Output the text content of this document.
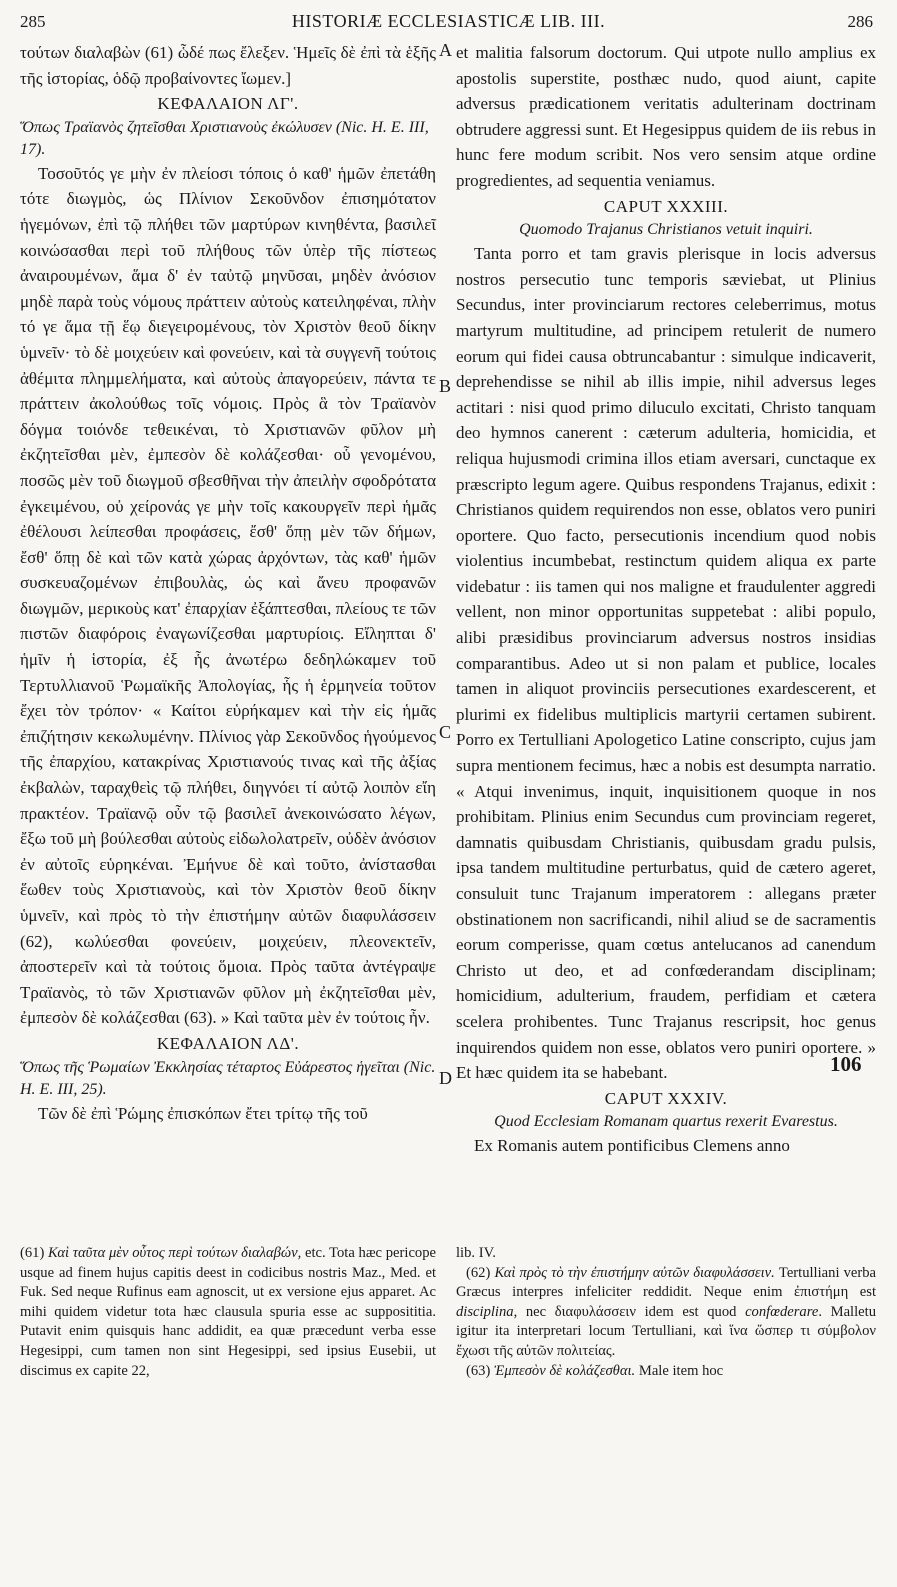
285	HISTORIÆ ECCLESIASTICÆ LIB. III.	286

τούτων διαλαβὼν (61) ὧδέ πως ἔλεξεν. Ἡμεῖς δὲ ἐπὶ τὰ ἑξῆς τῆς ἱστορίας, ὁδῷ προβαίνοντες ἴωμεν.]

ΚΕΦΑΛΑΙΟΝ ΛΓ'.

Ὅπως Τραϊανὸς ζητεῖσθαι Χριστιανοὺς ἐκώλυσεν (Nic. H. E. III, 17).

Τοσοῦτός γε μὴν ἐν πλείοσι τόποις ὁ καθ' ἡμῶν ἐπετάθη τότε διωγμὸς, ὡς Πλίνιον Σεκοῦνδον ἐπισημότατον ἡγεμόνων, ἐπὶ τῷ πλήθει τῶν μαρτύρων κινηθέντα, βασιλεῖ κοινώσασθαι περὶ τοῦ πλήθους τῶν ὑπὲρ τῆς πίστεως ἀναιρουμένων, ἅμα δ' ἐν ταὐτῷ μηνῦσαι, μηδὲν ἀνόσιον μηδὲ παρὰ τοὺς νόμους πράττειν αὐτοὺς κατειληφέναι, πλὴν τό γε ἅμα τῇ ἕῳ διεγειρομένους, τὸν Χριστὸν θεοῦ δίκην ὑμνεῖν· τὸ δὲ μοιχεύειν καὶ φονεύειν, καὶ τὰ συγγενῆ τούτοις ἀθέμιτα πλημμελήματα, καὶ αὐτοὺς ἀπαγορεύειν, πάντα τε πράττειν ἀκολούθως τοῖς νόμοις. Πρὸς ἃ τὸν Τραϊανὸν δόγμα τοιόνδε τεθεικέναι, τὸ Χριστιανῶν φῦλον μὴ ἐκζητεῖσθαι μὲν, ἐμπεσὸν δὲ κολάζεσθαι· οὗ γενομένου, ποσῶς μὲν τοῦ διωγμοῦ σβεσθῆναι τὴν ἀπειλὴν σφοδρότατα ἐγκειμένου, οὐ χείρονάς γε μὴν τοῖς κακουργεῖν περὶ ἡμᾶς ἐθέλουσι λείπεσθαι προφάσεις, ἔσθ' ὅπῃ μὲν τῶν δήμων, ἔσθ' ὅπῃ δὲ καὶ τῶν κατὰ χώρας ἀρχόντων, τὰς καθ' ἡμῶν συσκευαζομένων ἐπιβουλὰς, ὡς καὶ ἄνευ προφανῶν διωγμῶν, μερικοὺς κατ' ἐπαρχίαν ἐξάπτεσθαι, πλείους τε τῶν πιστῶν διαφόροις ἐναγωνίζεσθαι μαρτυρίοις. Εἴληπται δ' ἡμῖν ἡ ἱστορία, ἐξ ἧς ἀνωτέρω δεδηλώκαμεν τοῦ Τερτυλλιανοῦ Ῥωμαϊκῆς Ἀπολογίας, ἧς ἡ ἑρμηνεία τοῦτον ἔχει τὸν τρόπον· « Καίτοι εὑρήκαμεν καὶ τὴν εἰς ἡμᾶς ἐπιζήτησιν κεκωλυμένην. Πλίνιος γὰρ Σεκοῦνδος ἡγούμενος τῆς ἐπαρχίου, κατακρίνας Χριστιανούς τινας καὶ τῆς ἀξίας ἐκβαλὼν, ταραχθεὶς τῷ πλήθει, διηγνόει τί αὐτῷ λοιπὸν εἴη πρακτέον. Τραϊανῷ οὖν τῷ βασιλεῖ ἀνεκοινώσατο λέγων, ἔξω τοῦ μὴ βούλεσθαι αὐτοὺς εἰδωλολατρεῖν, οὐδὲν ἀνόσιον ἐν αὐτοῖς εὑρηκέναι. Ἐμήνυε δὲ καὶ τοῦτο, ἀνίστασθαι ἕωθεν τοὺς Χριστιανοὺς, καὶ τὸν Χριστὸν θεοῦ δίκην ὑμνεῖν, καὶ πρὸς τὸ τὴν ἐπιστήμην αὐτῶν διαφυλάσσειν (62), κωλύεσθαι φονεύειν, μοιχεύειν, πλεονεκτεῖν, ἀποστερεῖν καὶ τὰ τούτοις ὅμοια. Πρὸς ταῦτα ἀντέγραψε Τραϊανὸς, τὸ τῶν Χριστιανῶν φῦλον μὴ ἐκζητεῖσθαι μὲν, ἐμπεσὸν δὲ κολάζεσθαι (63). » Καὶ ταῦτα μὲν ἐν τούτοις ἦν.

ΚΕΦΑΛΑΙΟΝ ΛΔ'.

Ὅπως τῆς Ῥωμαίων Ἐκκλησίας τέταρτος Εὐάρεστος ἡγεῖται (Nic. H. E. III, 25).

Τῶν δὲ ἐπὶ Ῥώμης ἐπισκόπων ἔτει τρίτῳ τῆς τοῦ

A
B
C
D

et malitia falsorum doctorum. Qui utpote nullo amplius ex apostolis superstite, posthæc nudo, quod aiunt, capite adversus prædicationem veritatis adulterinam doctrinam obtrudere aggressi sunt. Et Hegesippus quidem de iis rebus in hunc fere modum scribit. Nos vero sensim atque ordine progredientes, ad sequentia veniamus.

CAPUT XXXIII.

Quomodo Trajanus Christianos vetuit inquiri.

Tanta porro et tam gravis plerisque in locis adversus nostros persecutio tunc temporis sæviebat, ut Plinius Secundus, inter provinciarum rectores celeberrimus, motus martyrum multitudine, ad principem retulerit de numero eorum qui fidei causa obtruncabantur : simulque indicaverit, deprehendisse se nihil ab illis impie, nihil adversus leges actitari : nisi quod primo diluculo excitati, Christo tanquam deo hymnos canerent : cæterum adulteria, homicidia, et reliqua hujusmodi crimina illos etiam aversari, cunctaque ex præscripto legum agere. Quibus respondens Trajanus, edixit : Christianos quidem requirendos non esse, oblatos vero puniri oportere. Quo facto, persecutionis incendium quod nobis violentius incumbebat, restinctum quidem aliqua ex parte videbatur : iis tamen qui nos maligne et fraudulenter aggredi vellent, non minor opportunitas suppetebat : alibi populo, alibi præsidibus provinciarum adversus nostros insidias comparantibus. Adeo ut si non palam et publice, locales tamen in aliquot provinciis persecutiones exardescerent, et plurimi ex fidelibus multiplicis martyrii certamen subirent. Porro ex Tertulliani Apologetico Latine conscripto, cujus jam supra mentionem fecimus, hæc a nobis est desumpta narratio. « Atqui invenimus, inquit, inquisitionem quoque in nos prohibitam. Plinius enim Secundus cum provinciam regeret, damnatis quibusdam Christianis, quibusdam gradu pulsis, ipsa tandem multitudine perturbatus, quid de cætero ageret, consuluit tunc Trajanum imperatorem : allegans præter obstinationem non sacrificandi, nihil aliud se de sacramentis eorum comperisse, quam cœtus antelucanos ad canendum Christo ut deo, et ad confœderandam disciplinam; homicidium, adulterium, fraudem, perfidiam et cætera scelera prohibentes. Tunc Trajanus rescripsit, hoc genus inquirendos quidem non esse, oblatos vero puniri oportere. » Et hæc quidem ita se habebant.

CAPUT XXXIV.

Quod Ecclesiam Romanam quartus rexerit Evarestus.

Ex Romanis autem pontificibus Clemens anno

106

(61) Καὶ ταῦτα μὲν οὗτος περὶ τούτων διαλαβών, etc. Tota hæc pericope usque ad finem hujus capitis deest in codicibus nostris Maz., Med. et Fuk. Sed neque Rufinus eam agnoscit, ut ex versione ejus apparet. Ac mihi quidem videtur tota hæc clausula spuria esse ac supposititia. Putavit enim quisquis hanc addidit, ea quæ præcedunt verba esse Hegesippi, cum tamen non sint Hegesippi, sed ipsius Eusebii, ut discimus ex capite 22,

lib. IV.

(62) Καὶ πρὸς τὸ τὴν ἐπιστήμην αὐτῶν διαφυλάσσειν. Tertulliani verba Græcus interpres infeliciter reddidit. Neque enim ἐπιστήμη est disciplina, nec διαφυλάσσειν idem est quod confœderare. Malletu igitur ita interpretari locum Tertulliani, καὶ ἵνα ὥσπερ τι σύμβολον ἔχωσι τῆς αὐτῶν πολιτείας.

(63) Ἐμπεσὸν δὲ κολάζεσθαι. Male item hoc
